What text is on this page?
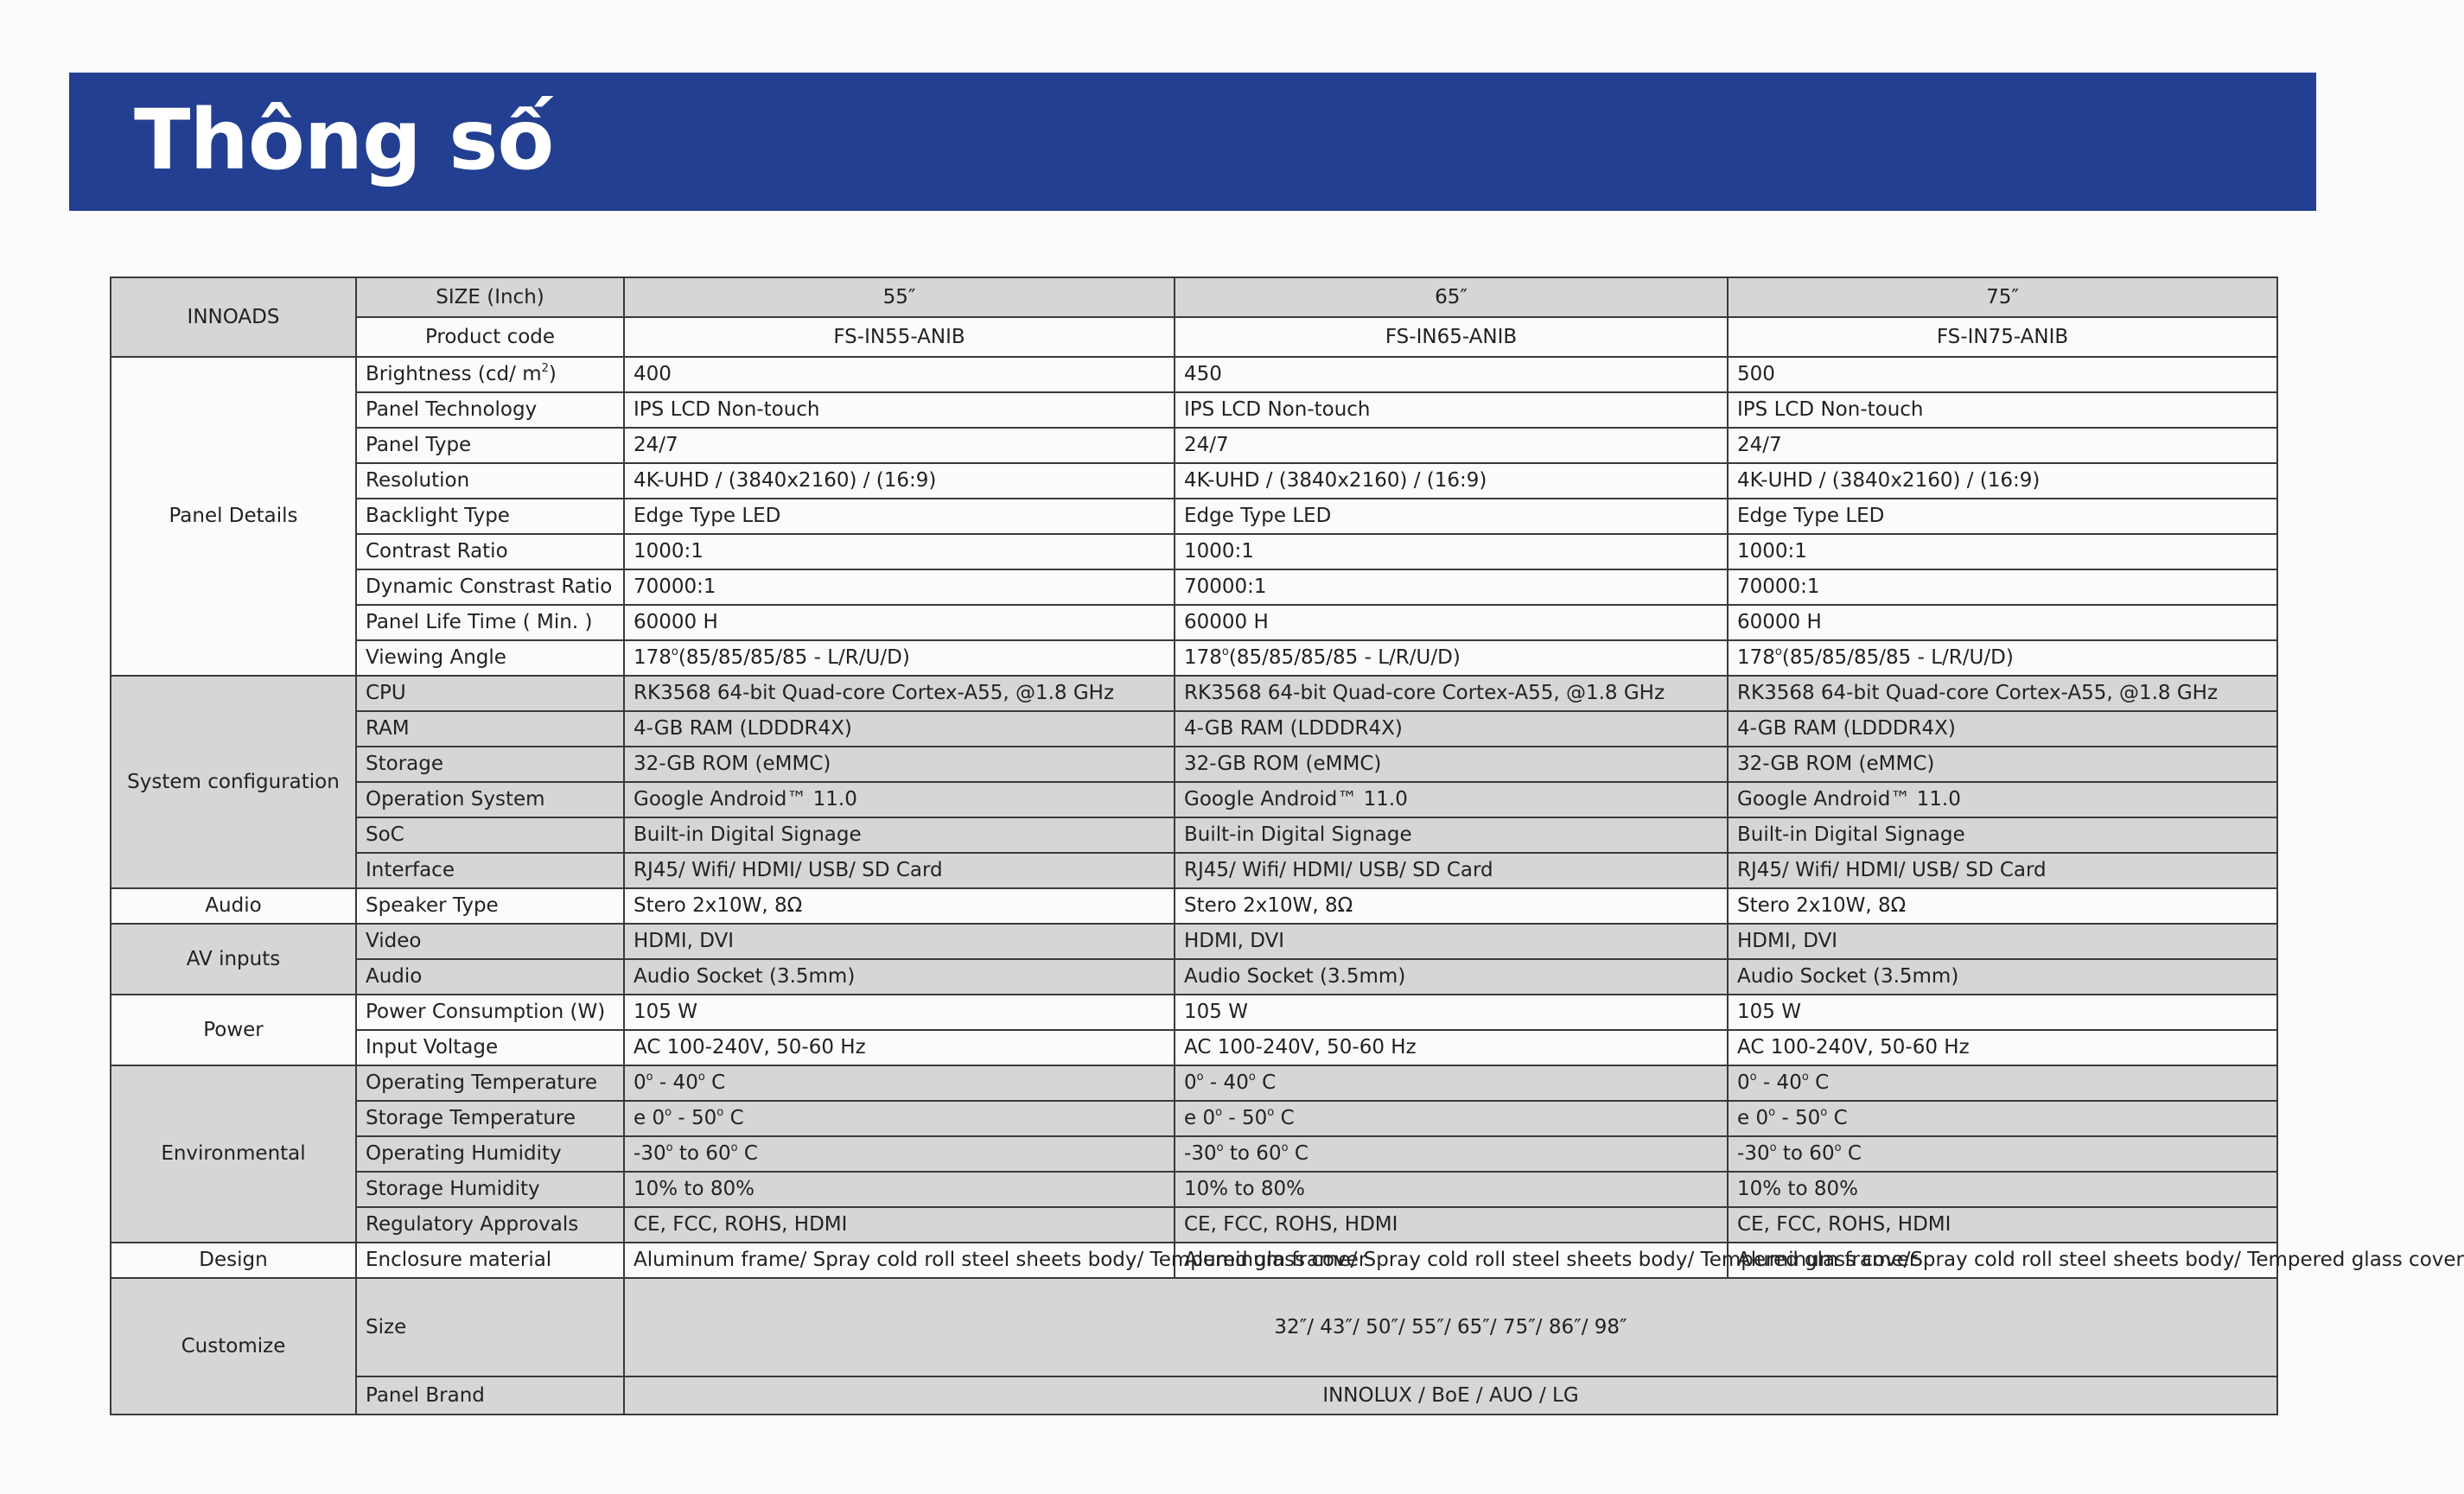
Thông số
INNOADS	SIZE (Inch)	55″	65″	75″
	Product code	FS-IN55-ANIB	FS-IN65-ANIB	FS-IN75-ANIB
Panel Details	Brightness (cd/ $m^2$)	400	450	500
	Panel Technology	IPS LCD Non-touch	IPS LCD Non-touch	IPS LCD Non-touch
	Panel Type	24/7	24/7	24/7
	Resolution	4K-UHD / (3840x2160) / (16:9)	4K-UHD / (3840x2160) / (16:9)	4K-UHD / (3840x2160) / (16:9)
	Backlight Type	Edge Type LED	Edge Type LED	Edge Type LED
	Contrast Ratio	1000:1	1000:1	1000:1
	Dynamic Constrast Ratio	70000:1	70000:1	70000:1
	Panel Life Time ( Min. )	60000 H	60000 H	60000 H
	Viewing Angle	178$^o$(85/85/85/85 - L/R/U/D)	178$^o$(85/85/85/85 - L/R/U/D)	178$^o$(85/85/85/85 - L/R/U/D)
System configuration	CPU	RK3568 64-bit Quad-core Cortex-A55, @1.8 GHz	RK3568 64-bit Quad-core Cortex-A55, @1.8 GHz	RK3568 64-bit Quad-core Cortex-A55, @1.8 GHz
	RAM	4-GB RAM (LDDDR4X)	4-GB RAM (LDDDR4X)	4-GB RAM (LDDDR4X)
	Storage	32-GB ROM (eMMC)	32-GB ROM (eMMC)	32-GB ROM (eMMC)
	Operation System	Google Android™ 11.0	Google Android™ 11.0	Google Android™ 11.0
	SoC	Built-in Digital Signage	Built-in Digital Signage	Built-in Digital Signage
	Interface	RJ45/ Wifi/ HDMI/ USB/ SD Card	RJ45/ Wifi/ HDMI/ USB/ SD Card	RJ45/ Wifi/ HDMI/ USB/ SD Card
Audio	Speaker Type	Stero 2x10W, 8Ω	Stero 2x10W, 8Ω	Stero 2x10W, 8Ω
AV inputs	Video	HDMI, DVI	HDMI, DVI	HDMI, DVI
	Audio	Audio Socket (3.5mm)	Audio Socket (3.5mm)	Audio Socket (3.5mm)
Power	Power Consumption (W)	105 W	105 W	105 W
	Input Voltage	AC 100-240V, 50-60 Hz	AC 100-240V, 50-60 Hz	AC 100-240V, 50-60 Hz
Environmental	Operating Temperature	0$^o$ - 40$^o$ C	0$^o$ - 40$^o$ C	0$^o$ - 40$^o$ C
	Storage Temperature	e 0$^o$ - 50$^o$ C	e 0$^o$ - 50$^o$ C	e 0$^o$ - 50$^o$ C
	Operating Humidity	-30$^o$ to 60$^o$ C	-30$^o$ to 60$^o$ C	-30$^o$ to 60$^o$ C
	Storage Humidity	10% to 80%	10% to 80%	10% to 80%
	Regulatory Approvals	CE, FCC, ROHS, HDMI	CE, FCC, ROHS, HDMI	CE, FCC, ROHS, HDMI
Design	Enclosure material	Aluminum frame/ Spray cold roll steel sheets body/ Tempered glass cover	Aluminum frame/ Spray cold roll steel sheets body/ Tempered glass cover	Aluminum frame/Spray cold roll steel sheets body/ Tempered glass cover
Customize	Size	32″/ 43″/ 50″/ 55″/ 65″/ 75″/ 86″/ 98″		
	Panel Brand	INNOLUX / BoE / AUO / LG		
